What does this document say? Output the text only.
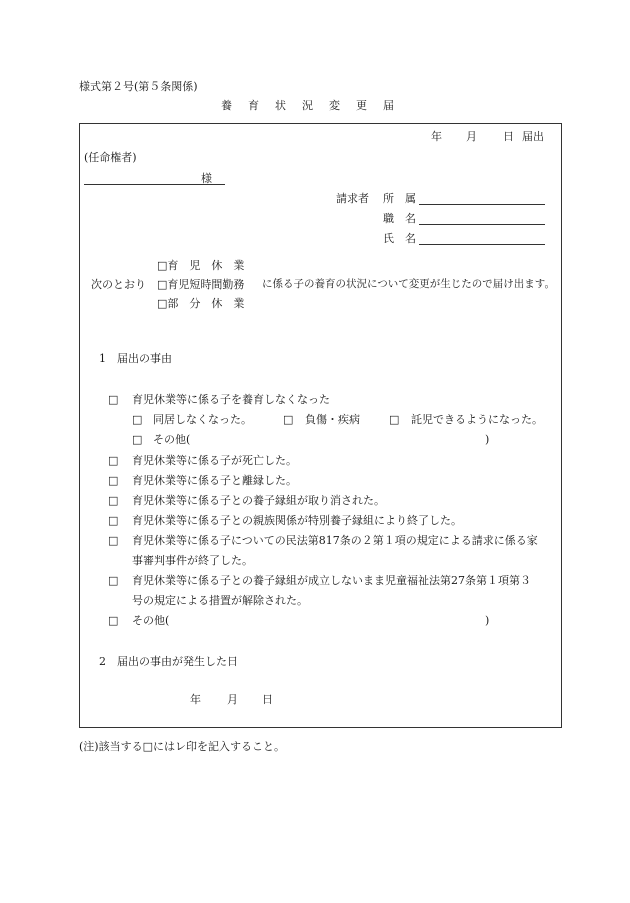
様式第２号(第５条関係)
養 育 状 況 変 更 届
年 月 日 届出
(任命権者)
様
請求者 所　属
職　名
氏　名
□育　児　休　業
次のとおり □育児短時間勤務 に係る子の養育の状況について変更が生じたので届け出ます。
□部　分　休　業
1　届出の事由
□ 育児休業等に係る子を養育しなくなった
□ 同居しなくなった。	□ 負傷・疾病	□ 託児できるようになった。
□ その他(	)
□ 育児休業等に係る子が死亡した。
□ 育児休業等に係る子と離縁した。
□ 育児休業等に係る子との養子縁組が取り消された。
□ 育児休業等に係る子との親族関係が特別養子縁組により終了した。
□ 育児休業等に係る子についての民法第817条の２第１項の規定による請求に係る家
事審判事件が終了した。
□ 育児休業等に係る子との養子縁組が成立しないまま児童福祉法第27条第１項第３
号の規定による措置が解除された。
□ その他(	)
2　届出の事由が発生した日
年 月 日
(注)該当する□にはレ印を記入すること。
